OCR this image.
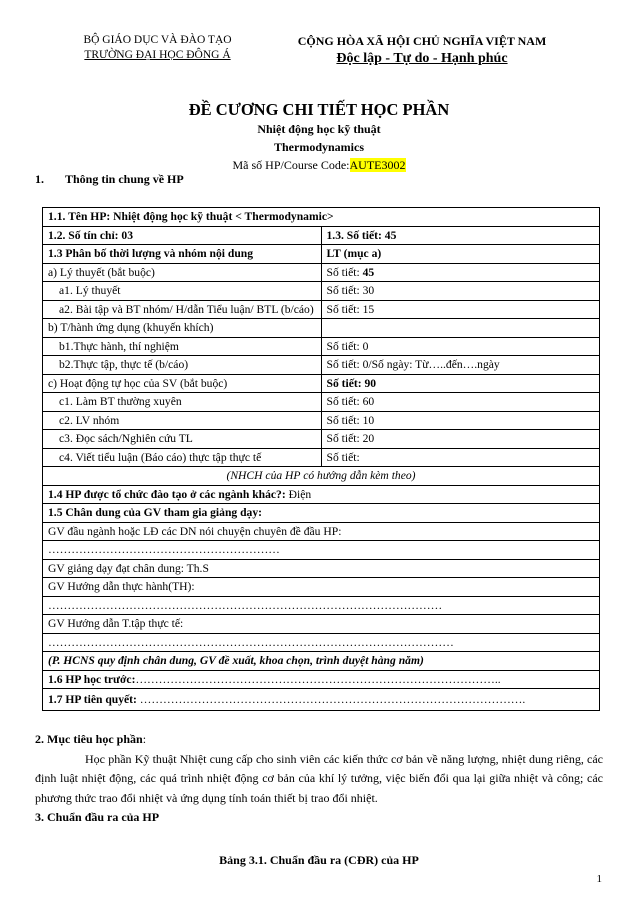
BỘ GIÁO DỤC VÀ ĐÀO TẠO
TRƯỜNG ĐẠI HỌC ĐÔNG Á
CỘNG HÒA XÃ HỘI CHỦ NGHĨA VIỆT NAM
Độc lập - Tự do - Hạnh phúc
ĐỀ CƯƠNG CHI TIẾT HỌC PHẦN
Nhiệt động học kỹ thuật
Thermodynamics
Mã số HP/Course Code:AUTE3002
1. Thông tin chung về HP
1.1. Tên HP: Nhiệt động học kỹ thuật < Thermodynamic>	
1.2. Số tín chỉ: 03	1.3. Số tiết: 45
1.3 Phân bố thời lượng và nhóm nội dung	LT (mục a)
a) Lý thuyết (bắt buộc)	Số tiết: 45
a1. Lý thuyết	Số tiết: 30
a2. Bài tập và BT nhóm/ H/dẫn Tiểu luận/ BTL (b/cáo)	Số tiết: 15
b) T/hành ứng dụng (khuyến khích)	
b1.Thực hành, thí nghiệm	Số tiết: 0
b2.Thực tập, thực tế (b/cáo)	Số tiết: 0/Số ngày: Từ…..đến….ngày
c) Hoạt động tự học của SV (bắt buộc)	Số tiết: 90
c1. Làm BT thường xuyên	Số tiết: 60
c2. LV nhóm	Số tiết: 10
c3. Đọc sách/Nghiên cứu TL	Số tiết: 20
c4. Viết tiểu luận (Báo cáo) thực tập thực tế	Số tiết:
(NHCH của HP có hướng dẫn kèm theo)	
1.4 HP được tổ chức đào tạo ở các ngành khác?: Điện	
1.5 Chân dung của GV tham gia giảng dạy:	
GV đầu ngành hoặc LĐ các DN nói chuyện chuyên đề đầu HP:	
……………………………………………………	
GV giảng dạy đạt chân dung: Th.S	
GV Hướng dẫn thực hành(TH):	
…………………………………………………………………………………………	
GV Hướng dẫn T.tập thực tế:	
……………………………………………………………………………………………	
(P. HCNS quy định chân dung, GV đề xuất, khoa chọn, trình duyệt hàng năm)	
1.6 HP học trước:…………………………………………………………………………………..	
1.7 HP tiên quyết: ……………………………………………………………………………………….	
2. Mục tiêu học phần:

Học phần Kỹ thuật Nhiệt cung cấp cho sinh viên các kiến thức cơ bản về năng lượng, nhiệt dung riêng, các định luật nhiệt động, các quá trình nhiệt động cơ bản của khí lý tưởng, việc biến đổi qua lại giữa nhiệt và công; các phương thức trao đổi nhiệt và ứng dụng tính toán thiết bị trao đổi nhiệt.

3. Chuẩn đầu ra của HP
Bảng 3.1. Chuẩn đầu ra (CĐR) của HP
1
